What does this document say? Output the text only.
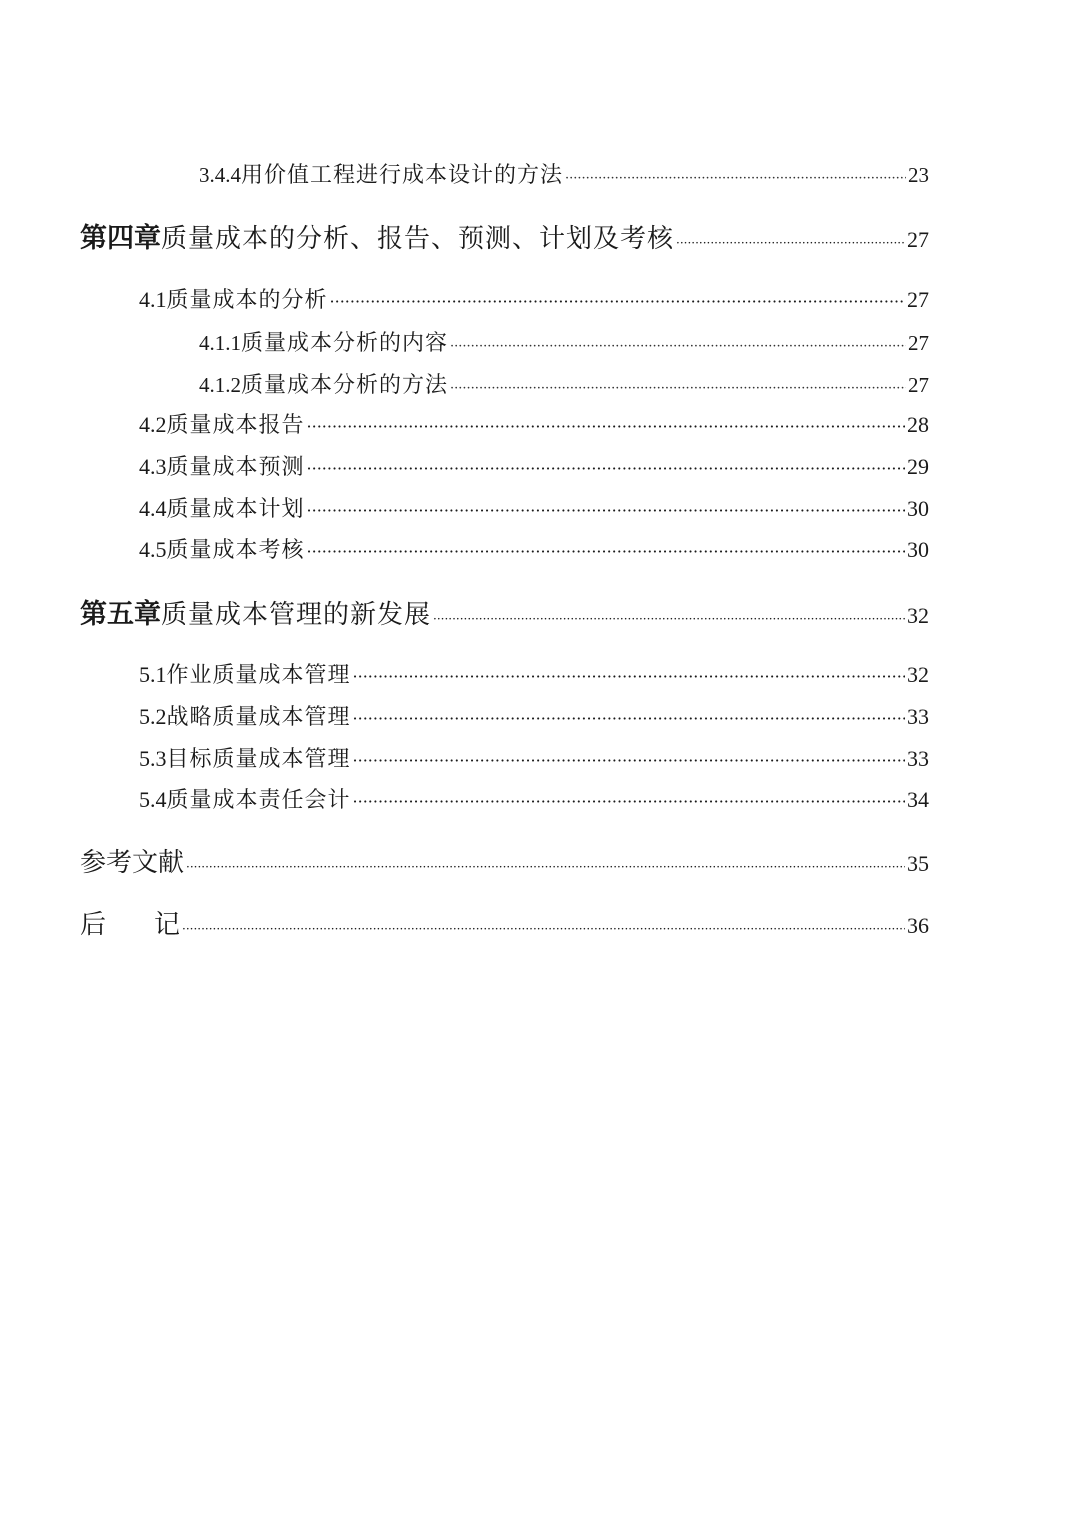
3.4.4 用价值工程进行成本设计的方法 ·····	23
第四章 质量成本的分析、报告、预测、计划及考核 ·····	27
4.1 质量成本的分析 ·····	27
4.1.1 质量成本分析的内容 ·····	27
4.1.2 质量成本分析的方法 ·····	27
4.2 质量成本报告 ·····	28
4.3 质量成本预测 ·····	29
4.4 质量成本计划 ·····	30
4.5 质量成本考核 ·····	30
第五章 质量成本管理的新发展 ·····	32
5.1 作业质量成本管理 ·····	32
5.2 战略质量成本管理 ·····	33
5.3 目标质量成本管理 ·····	33
5.4 质量成本责任会计 ·····	34
参考文献 ·····	35
后记 ·····	36
